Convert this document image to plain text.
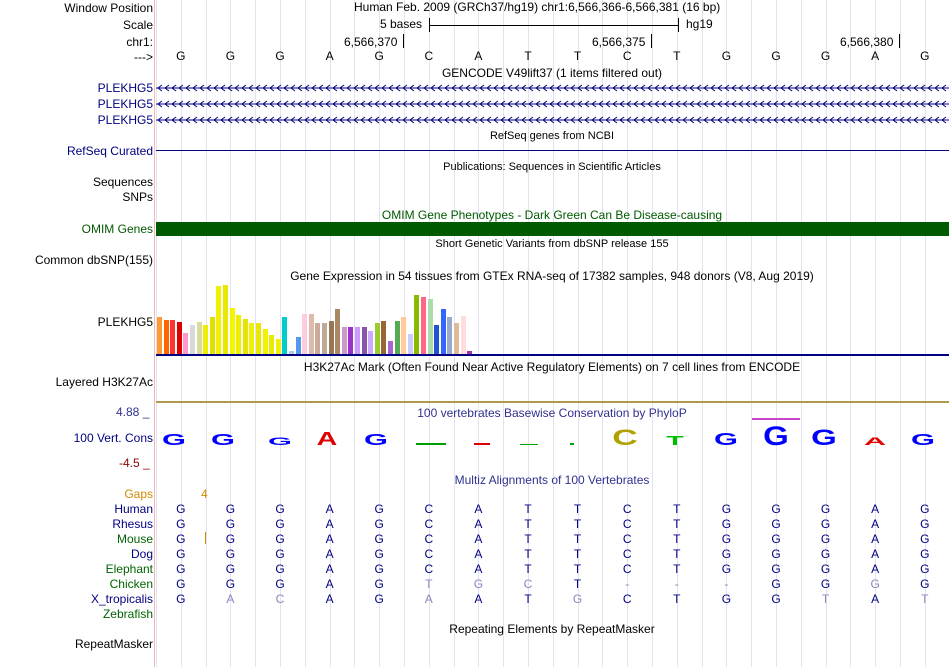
Window Position
Scale
chr1:
--->
Human Feb. 2009 (GRCh37/hg19) chr1:6,566,366-6,566,381 (16 bp)
5 bases	hg19
6,566,370	6,566,375	6,566,380
G	G	G	A	G	C	A	T	T	C	T	G	G	G	A	G
GENCODE V49lift37 (1 items filtered out)
PLEKHG5
PLEKHG5
PLEKHG5
RefSeq genes from NCBI
RefSeq Curated
Publications: Sequences in Scientific Articles
Sequences
SNPs
OMIM Gene Phenotypes - Dark Green Can Be Disease-causing
OMIM Genes
Short Genetic Variants from dbSNP release 155
Common dbSNP(155)
Gene Expression in 54 tissues from GTEx RNA-seq of 17382 samples, 948 donors (V8, Aug 2019)
PLEKHG5
H3K27Ac Mark (Often Found Near Active Regulatory Elements) on 7 cell lines from ENCODE
Layered H3K27Ac
100 vertebrates Basewise Conservation by PhyloP
4.88 _
100 Vert. Cons
-4.5 _
G G G A G	C T G G G A G
Multiz Alignments of 100 Vertebrates
Gaps	4
Human G	G	G	A	G	C	A	T	T	C	T	G	G	G	A	G
Rhesus G	G	G	A	G	C	A	T	T	C	T	G	G	G	A	G
Mouse G	G	G	A	G	C	A	T	T	C	T	G	G	G	A	G
Dog G	G	G	A	G	C	A	T	T	C	T	G	G	G	A	G
Elephant G	G	G	A	G	C	A	T	T	C	T	G	G	G	A	G
Chicken G	G	G	A	G	T	G	C	T	-	-	-	G	G	G	G
X_tropicalis G	A	C	A	G	A	A	T	G	C	T	G	G	T	A	T
Zebrafish
Repeating Elements by RepeatMasker
RepeatMasker
